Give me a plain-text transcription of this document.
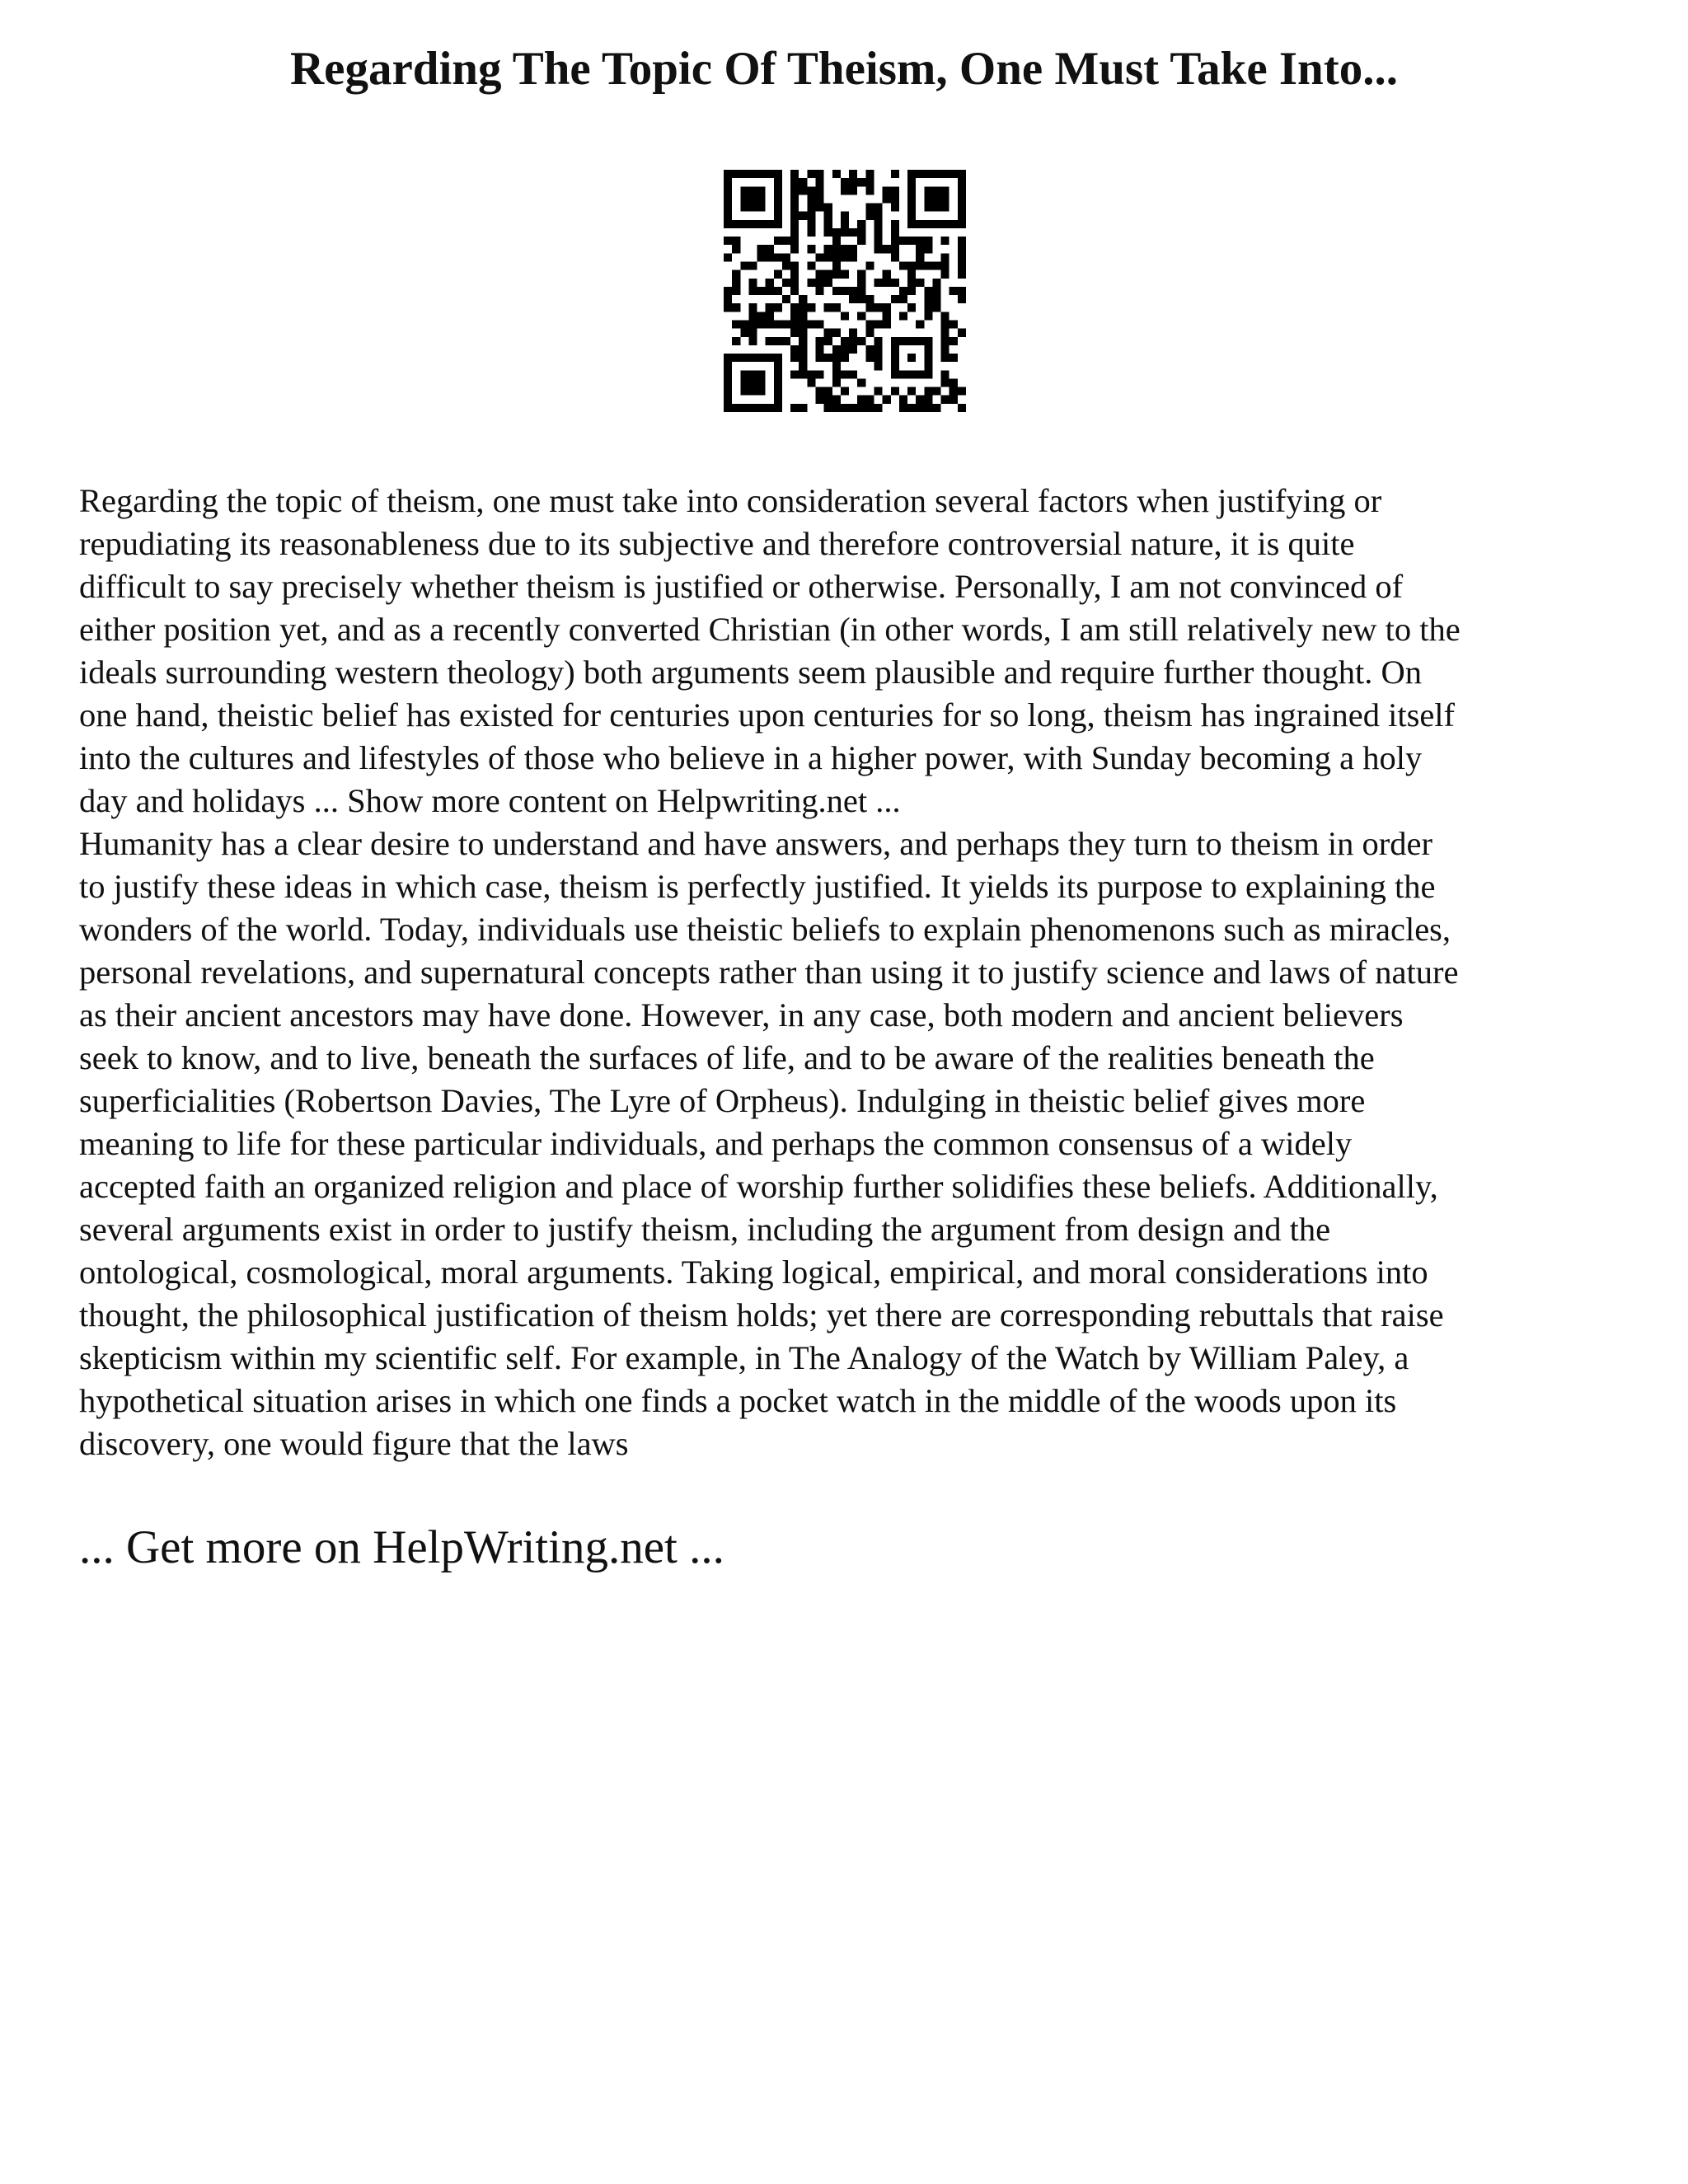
Regarding The Topic Of Theism, One Must Take Into...

Regarding the topic of theism, one must take into consideration several factors when justifying or
repudiating its reasonableness due to its subjective and therefore controversial nature, it is quite
difficult to say precisely whether theism is justified or otherwise. Personally, I am not convinced of
either position yet, and as a recently converted Christian (in other words, I am still relatively new to the
ideals surrounding western theology) both arguments seem plausible and require further thought. On
one hand, theistic belief has existed for centuries upon centuries for so long, theism has ingrained itself
into the cultures and lifestyles of those who believe in a higher power, with Sunday becoming a holy
day and holidays ... Show more content on Helpwriting.net ...
Humanity has a clear desire to understand and have answers, and perhaps they turn to theism in order
to justify these ideas in which case, theism is perfectly justified. It yields its purpose to explaining the
wonders of the world. Today, individuals use theistic beliefs to explain phenomenons such as miracles,
personal revelations, and supernatural concepts rather than using it to justify science and laws of nature
as their ancient ancestors may have done. However, in any case, both modern and ancient believers
seek to know, and to live, beneath the surfaces of life, and to be aware of the realities beneath the
superficialities (Robertson Davies, The Lyre of Orpheus). Indulging in theistic belief gives more
meaning to life for these particular individuals, and perhaps the common consensus of a widely
accepted faith an organized religion and place of worship further solidifies these beliefs. Additionally,
several arguments exist in order to justify theism, including the argument from design and the
ontological, cosmological, moral arguments. Taking logical, empirical, and moral considerations into
thought, the philosophical justification of theism holds; yet there are corresponding rebuttals that raise
skepticism within my scientific self. For example, in The Analogy of the Watch by William Paley, a
hypothetical situation arises in which one finds a pocket watch in the middle of the woods upon its
discovery, one would figure that the laws

... Get more on HelpWriting.net ...
